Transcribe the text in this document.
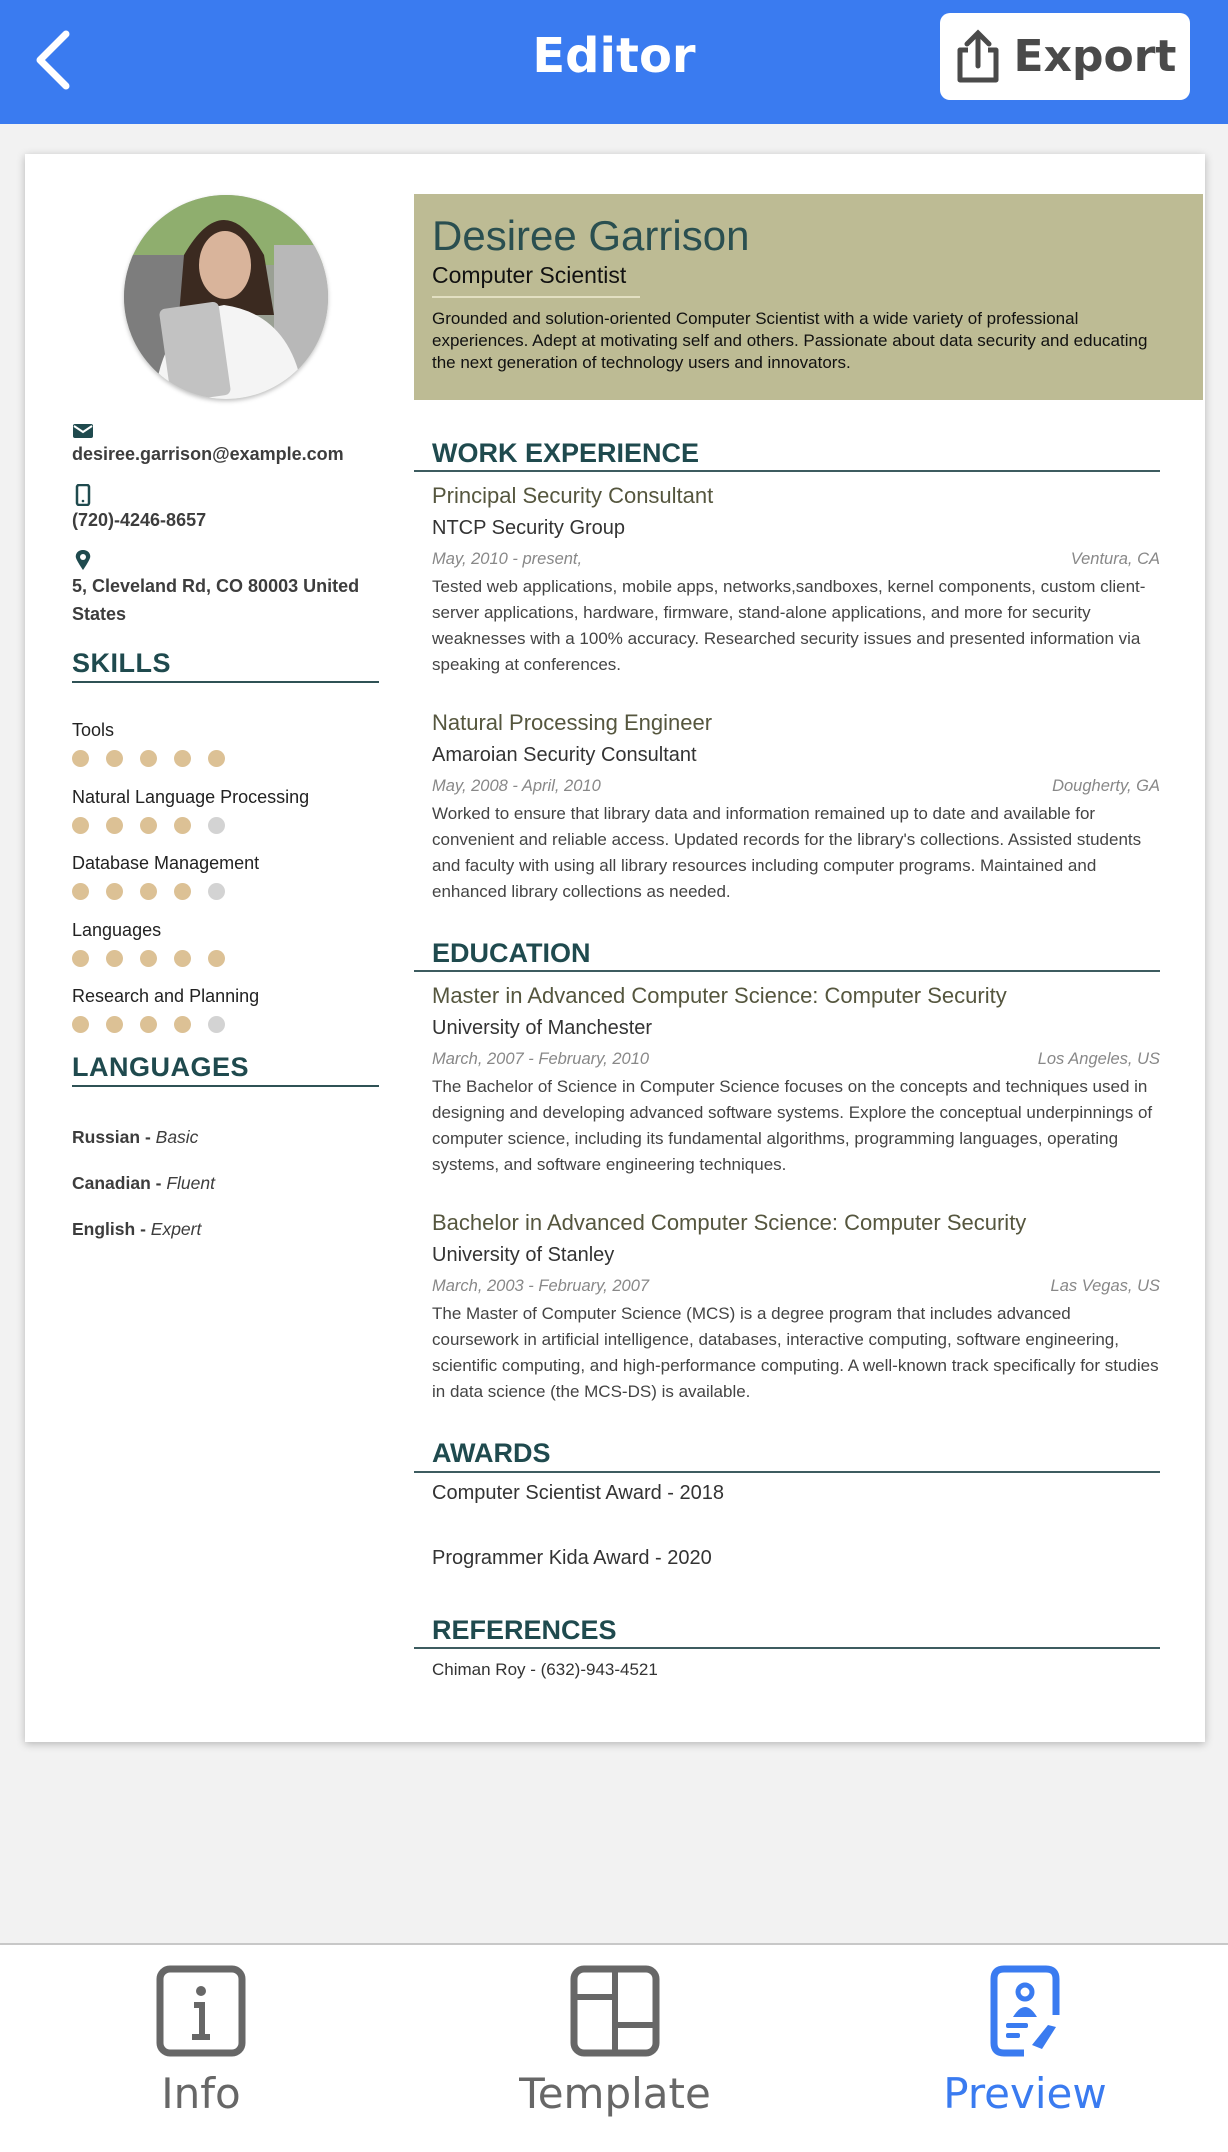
Editor	Export
desiree.garrison@example.com
(720)-4246-8657
5, Cleveland Rd, CO 80003 United States
SKILLS
Tools
Natural Language Processing
Database Management
Languages
Research and Planning
LANGUAGES
Russian - Basic
Canadian - Fluent
English - Expert
Desiree Garrison
Computer Scientist
Grounded and solution-oriented Computer Scientist with a wide variety of professional experiences. Adept at motivating self and others. Passionate about data security and educating the next generation of technology users and innovators.
WORK EXPERIENCE
EDUCATION
AWARDS
REFERENCES
Principal Security Consultant
NTCP Security Group
May, 2010 - present,	Ventura, CA
Tested web applications, mobile apps, networks,sandboxes, kernel components, custom client-server applications, hardware, firmware, stand-alone applications, and more for security weaknesses with a 100% accuracy. Researched security issues and presented information via speaking at conferences.
Natural Processing Engineer
Amaroian Security Consultant
May, 2008 - April, 2010	Dougherty, GA
Worked to ensure that library data and information remained up to date and available for convenient and reliable access. Updated records for the library's collections. Assisted students and faculty with using all library resources including computer programs. Maintained and enhanced library collections as needed.
Master in Advanced Computer Science: Computer Security
University of Manchester
March, 2007 - February, 2010	Los Angeles, US
The Bachelor of Science in Computer Science focuses on the concepts and techniques used in designing and developing advanced software systems. Explore the conceptual underpinnings of computer science, including its fundamental algorithms, programming languages, operating systems, and software engineering techniques.
Bachelor in Advanced Computer Science: Computer Security
University of Stanley
March, 2003 - February, 2007	Las Vegas, US
The Master of Computer Science (MCS) is a degree program that includes advanced coursework in artificial intelligence, databases, interactive computing, software engineering, scientific computing, and high-performance computing. A well-known track specifically for studies in data science (the MCS-DS) is available.
Computer Scientist Award - 2018
Programmer Kida Award - 2020
Chiman Roy - (632)-943-4521
Info	Template	Preview
